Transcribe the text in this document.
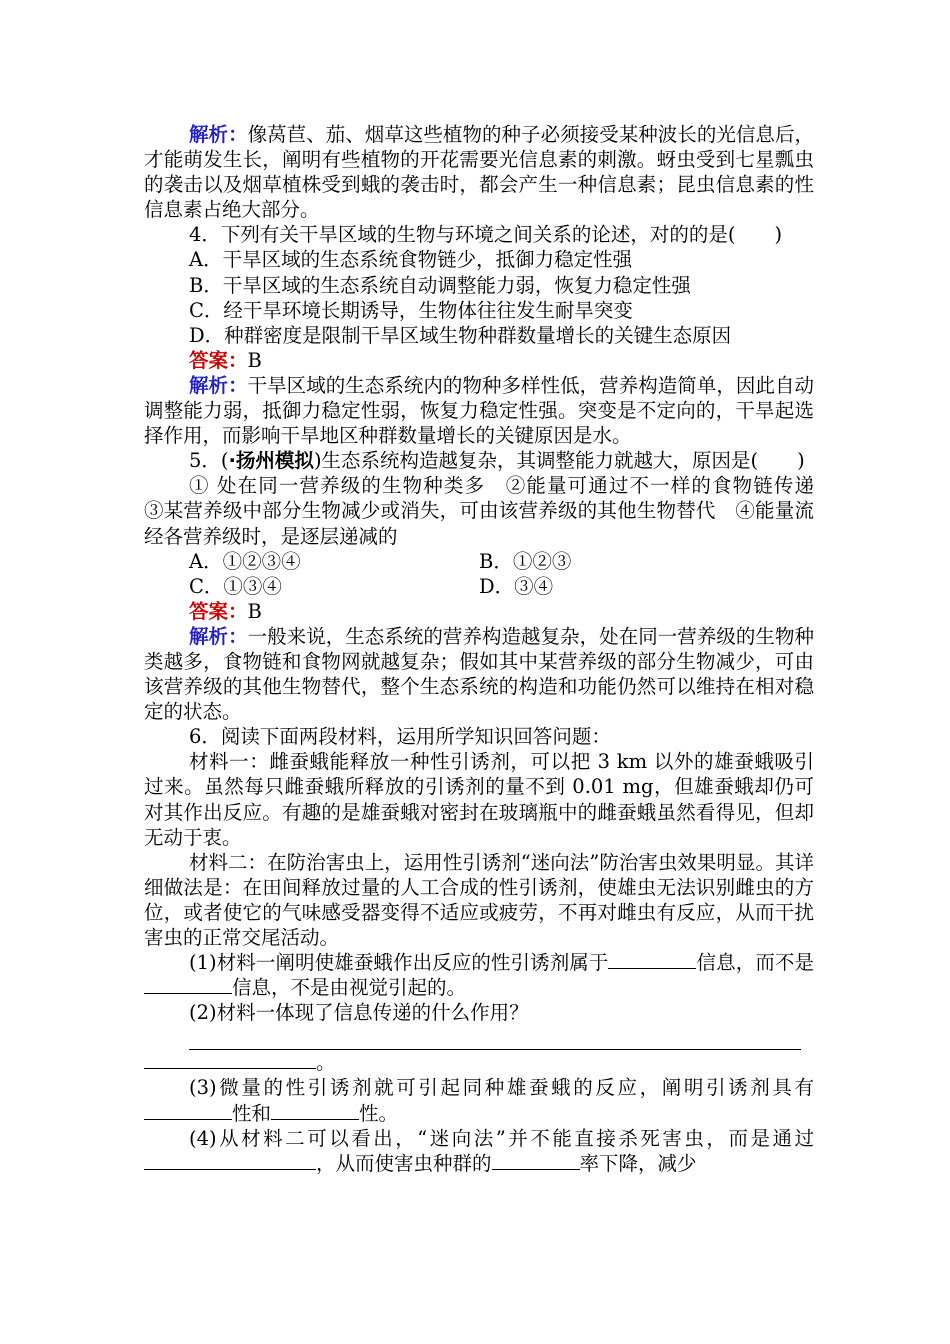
解析：像莴苣、茄、烟草这些植物的种子必须接受某种波长的光信息后，才能萌发生长，阐明有些植物的开花需要光信息素的刺激。蚜虫受到七星瓢虫的袭击以及烟草植株受到蛾的袭击时，都会产生一种信息素；昆虫信息素的性信息素占绝大部分。

4．下列有关干旱区域的生物与环境之间关系的论述，对的的是(　　)

A．干旱区域的生态系统食物链少，抵御力稳定性强

B．干旱区域的生态系统自动调整能力弱，恢复力稳定性强

C．经干旱环境长期诱导，生物体往往发生耐旱突变

D．种群密度是限制干旱区域生物种群数量增长的关键生态原因

答案：B

解析：干旱区域的生态系统内的物种多样性低，营养构造简单，因此自动调整能力弱，抵御力稳定性弱，恢复力稳定性强。突变是不定向的，干旱起选择作用，而影响干旱地区种群数量增长的关键原因是水。

5．(·扬州模拟)生态系统构造越复杂，其调整能力就越大，原因是(　　)

① 处在同一营养级的生物种类多　②能量可通过不一样的食物链传递　③某营养级中部分生物减少或消失，可由该营养级的其他生物替代　④能量流经各营养级时，是逐层递减的

A．①②③④	B．①②③
C．①③④	D．③④

答案：B

解析：一般来说，生态系统的营养构造越复杂，处在同一营养级的生物种类越多，食物链和食物网就越复杂；假如其中某营养级的部分生物减少，可由该营养级的其他生物替代，整个生态系统的构造和功能仍然可以维持在相对稳定的状态。

6．阅读下面两段材料，运用所学知识回答问题：

材料一：雌蚕蛾能释放一种性引诱剂，可以把 3 km 以外的雄蚕蛾吸引过来。虽然每只雌蚕蛾所释放的引诱剂的量不到 0.01 mg，但雄蚕蛾却仍可对其作出反应。有趣的是雄蚕蛾对密封在玻璃瓶中的雌蚕蛾虽然看得见，但却无动于衷。

材料二：在防治害虫上，运用性引诱剂“迷向法”防治害虫效果明显。其详细做法是：在田间释放过量的人工合成的性引诱剂，使雄虫无法识别雌虫的方位，或者使它的气味感受器变得不适应或疲劳，不再对雌虫有反应，从而干扰害虫的正常交尾活动。

(1)材料一阐明使雄蚕蛾作出反应的性引诱剂属于	信息，而不是信息，不是由视觉引起的。

(2)材料一体现了信息传递的什么作用？

。

(3)微量的性引诱剂就可引起同种雄蚕蛾的反应，阐明引诱剂具有性和	性。

(4)从材料二可以看出，“迷向法”并不能直接杀死害虫，而是通过，从而使害虫种群的	率下降，减少
